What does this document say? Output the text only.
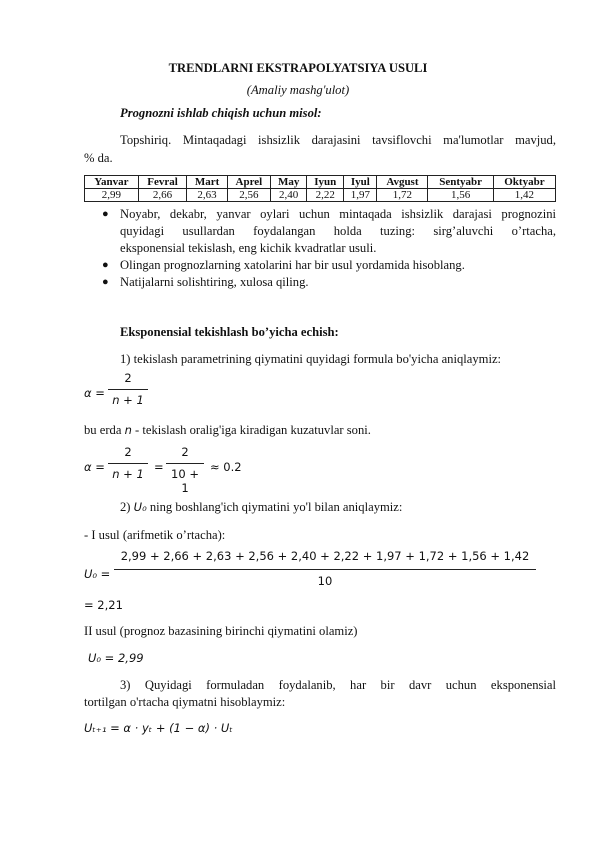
TRENDLARNI EKSTRAPOLYATSIYA USULI
(Amaliy mashg'ulot)
Prognozni ishlab chiqish uchun misol:
Topshiriq. Mintaqadagi ishsizlik darajasini tavsiflovchi ma'lumotlar mavjud,
% da.
Yanvar	Fevral	Mart	Aprel	May	Iyun	Iyul	Avgust	Sentyabr	Oktyabr
2,99	2,66	2,63	2,56	2,40	2,22	1,97	1,72	1,56	1,42
● Noyabr, dekabr, yanvar oylari uchun mintaqada ishsizlik darajasi prognozini
quyidagi usullardan foydalangan holda tuzing: sirg’aluvchi o’rtacha,
eksponensial tekislash, eng kichik kvadratlar usuli.
● Olingan prognozlarning xatolarini har bir usul yordamida hisoblang.
● Natijalarni solishtiring, xulosa qiling.
Eksponensial tekishlash bo’yicha echish:
1) tekislash parametrining qiymatini quyidagi formula bo'yicha aniqlaymiz:
α =
2
n + 1
bu erda n - tekislash oralig'iga kiradigan kuzatuvlar soni.
α =
2
n + 1 =
2
10 + 1
≈ 0.2
2) U₀ ning boshlang'ich qiymatini yo'l bilan aniqlaymiz:
- I usul (arifmetik o’rtacha):
U₀ =
2,99 + 2,66 + 2,63 + 2,56 + 2,40 + 2,22 + 1,97 + 1,72 + 1,56 + 1,42
10
= 2,21
II usul (prognoz bazasining birinchi qiymatini olamiz)
U₀ = 2,99
3) Quyidagi formuladan foydalanib, har bir davr uchun eksponensial
tortilgan o'rtacha qiymatni hisoblaymiz:
Uₜ₊₁ = α · yₜ + (1 − α) · Uₜ
